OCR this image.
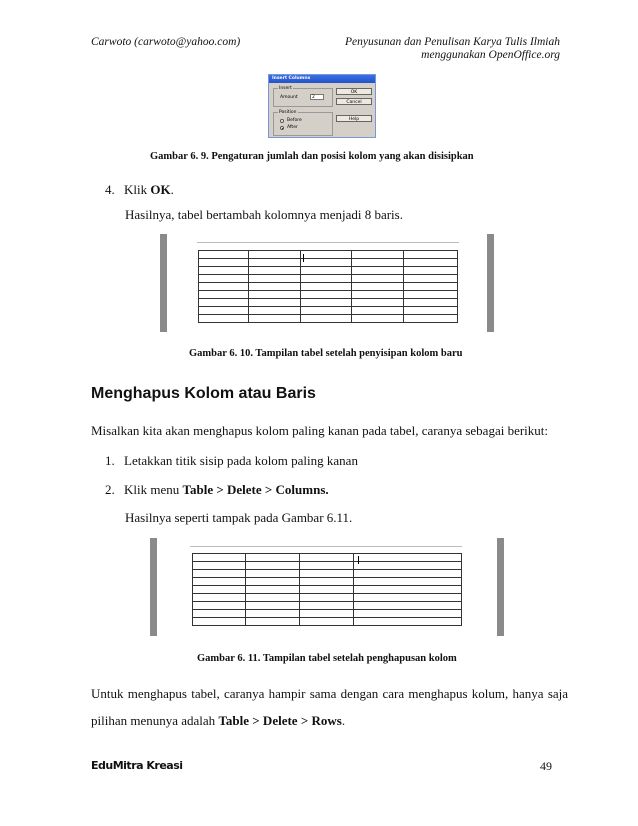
Carwoto (carwoto@yahoo.com)	Penyusunan dan Penulisan Karya Tulis Ilmiah
menggunakan OpenOffice.org
Insert Columns
Insert
Amount	2
Position
Before
After
OK
Cancel
Help
Gambar 6. 9. Pengaturan jumlah dan posisi kolom yang akan disisipkan
4. Klik OK.
Hasilnya, tabel bertambah kolomnya menjadi 8 baris.

Gambar 6. 10. Tampilan tabel setelah penyisipan kolom baru
Menghapus Kolom atau Baris
Misalkan kita akan menghapus kolom paling kanan pada tabel, caranya sebagai berikut:
1. Letakkan titik sisip pada kolom paling kanan
2. Klik menu Table > Delete > Columns.
Hasilnya seperti tampak pada Gambar 6.11.

Gambar 6. 11. Tampilan tabel setelah penghapusan kolom
Untuk menghapus tabel, caranya hampir sama dengan cara menghapus kolum, hanya saja
pilihan menunya adalah Table > Delete > Rows.
EduMitra Kreasi	49
